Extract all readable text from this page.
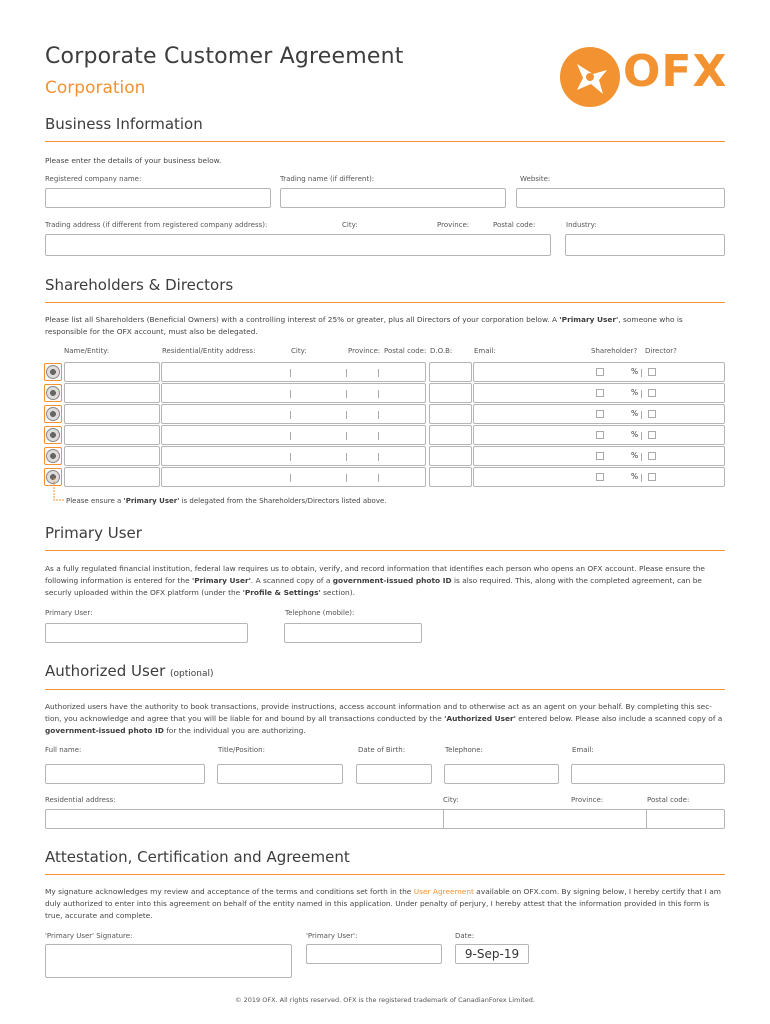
Corporate Customer Agreement
Corporation	OFX
Business Information
Please enter the details of your business below.
Registered company name:	Trading name (if different):	Website:
Trading address (if different from registered company address):	City:	Province:	Postal code:	Industry:
Shareholders & Directors
Please list all Shareholders (Beneficial Owners) with a controlling interest of 25% or greater, plus all Directors of your corporation below. A 'Primary User', someone who is responsible for the OFX account, must also be delegated.
Name/Entity:	Residential/Entity address:	City:	Province: Postal code: D.O.B:	Email:	Shareholder? Director?
%
%
%
%
%
%
Please ensure a 'Primary User' is delegated from the Shareholders/Directors listed above.
Primary User
As a fully regulated financial institution, federal law requires us to obtain, verify, and record information that identifies each person who opens an OFX account. Please ensure the following information is entered for the 'Primary User'. A scanned copy of a government-issued photo ID is also required. This, along with the completed agreement, can be securly uploaded within the OFX platform (under the 'Profile & Settings' section).
Primary User:	Telephone (mobile):
Authorized User (optional)
Authorized users have the authority to book transactions, provide instructions, access account information and to otherwise act as an agent on your behalf. By completing this sec- tion, you acknowledge and agree that you will be liable for and bound by all transactions conducted by the 'Authorized User' entered below. Please also include a scanned copy of a government-issued photo ID for the individual you are authorizing.
Full name:	Title/Position:	Date of Birth:	Telephone:	Email:
Residential address:	City:	Province:	Postal code:
Attestation, Certification and Agreement
My signature acknowledges my review and acceptance of the terms and conditions set forth in the User Agreement available on OFX.com. By signing below, I hereby certify that I am duly authorized to enter into this agreement on behalf of the entity named in this application. Under penalty of perjury, I hereby attest that the information provided in this form is true, accurate and complete.
'Primary User' Signature:	'Primary User':	Date:
9-Sep-19
© 2019 OFX. All rights reserved. OFX is the registered trademark of CanadianForex Limited.
